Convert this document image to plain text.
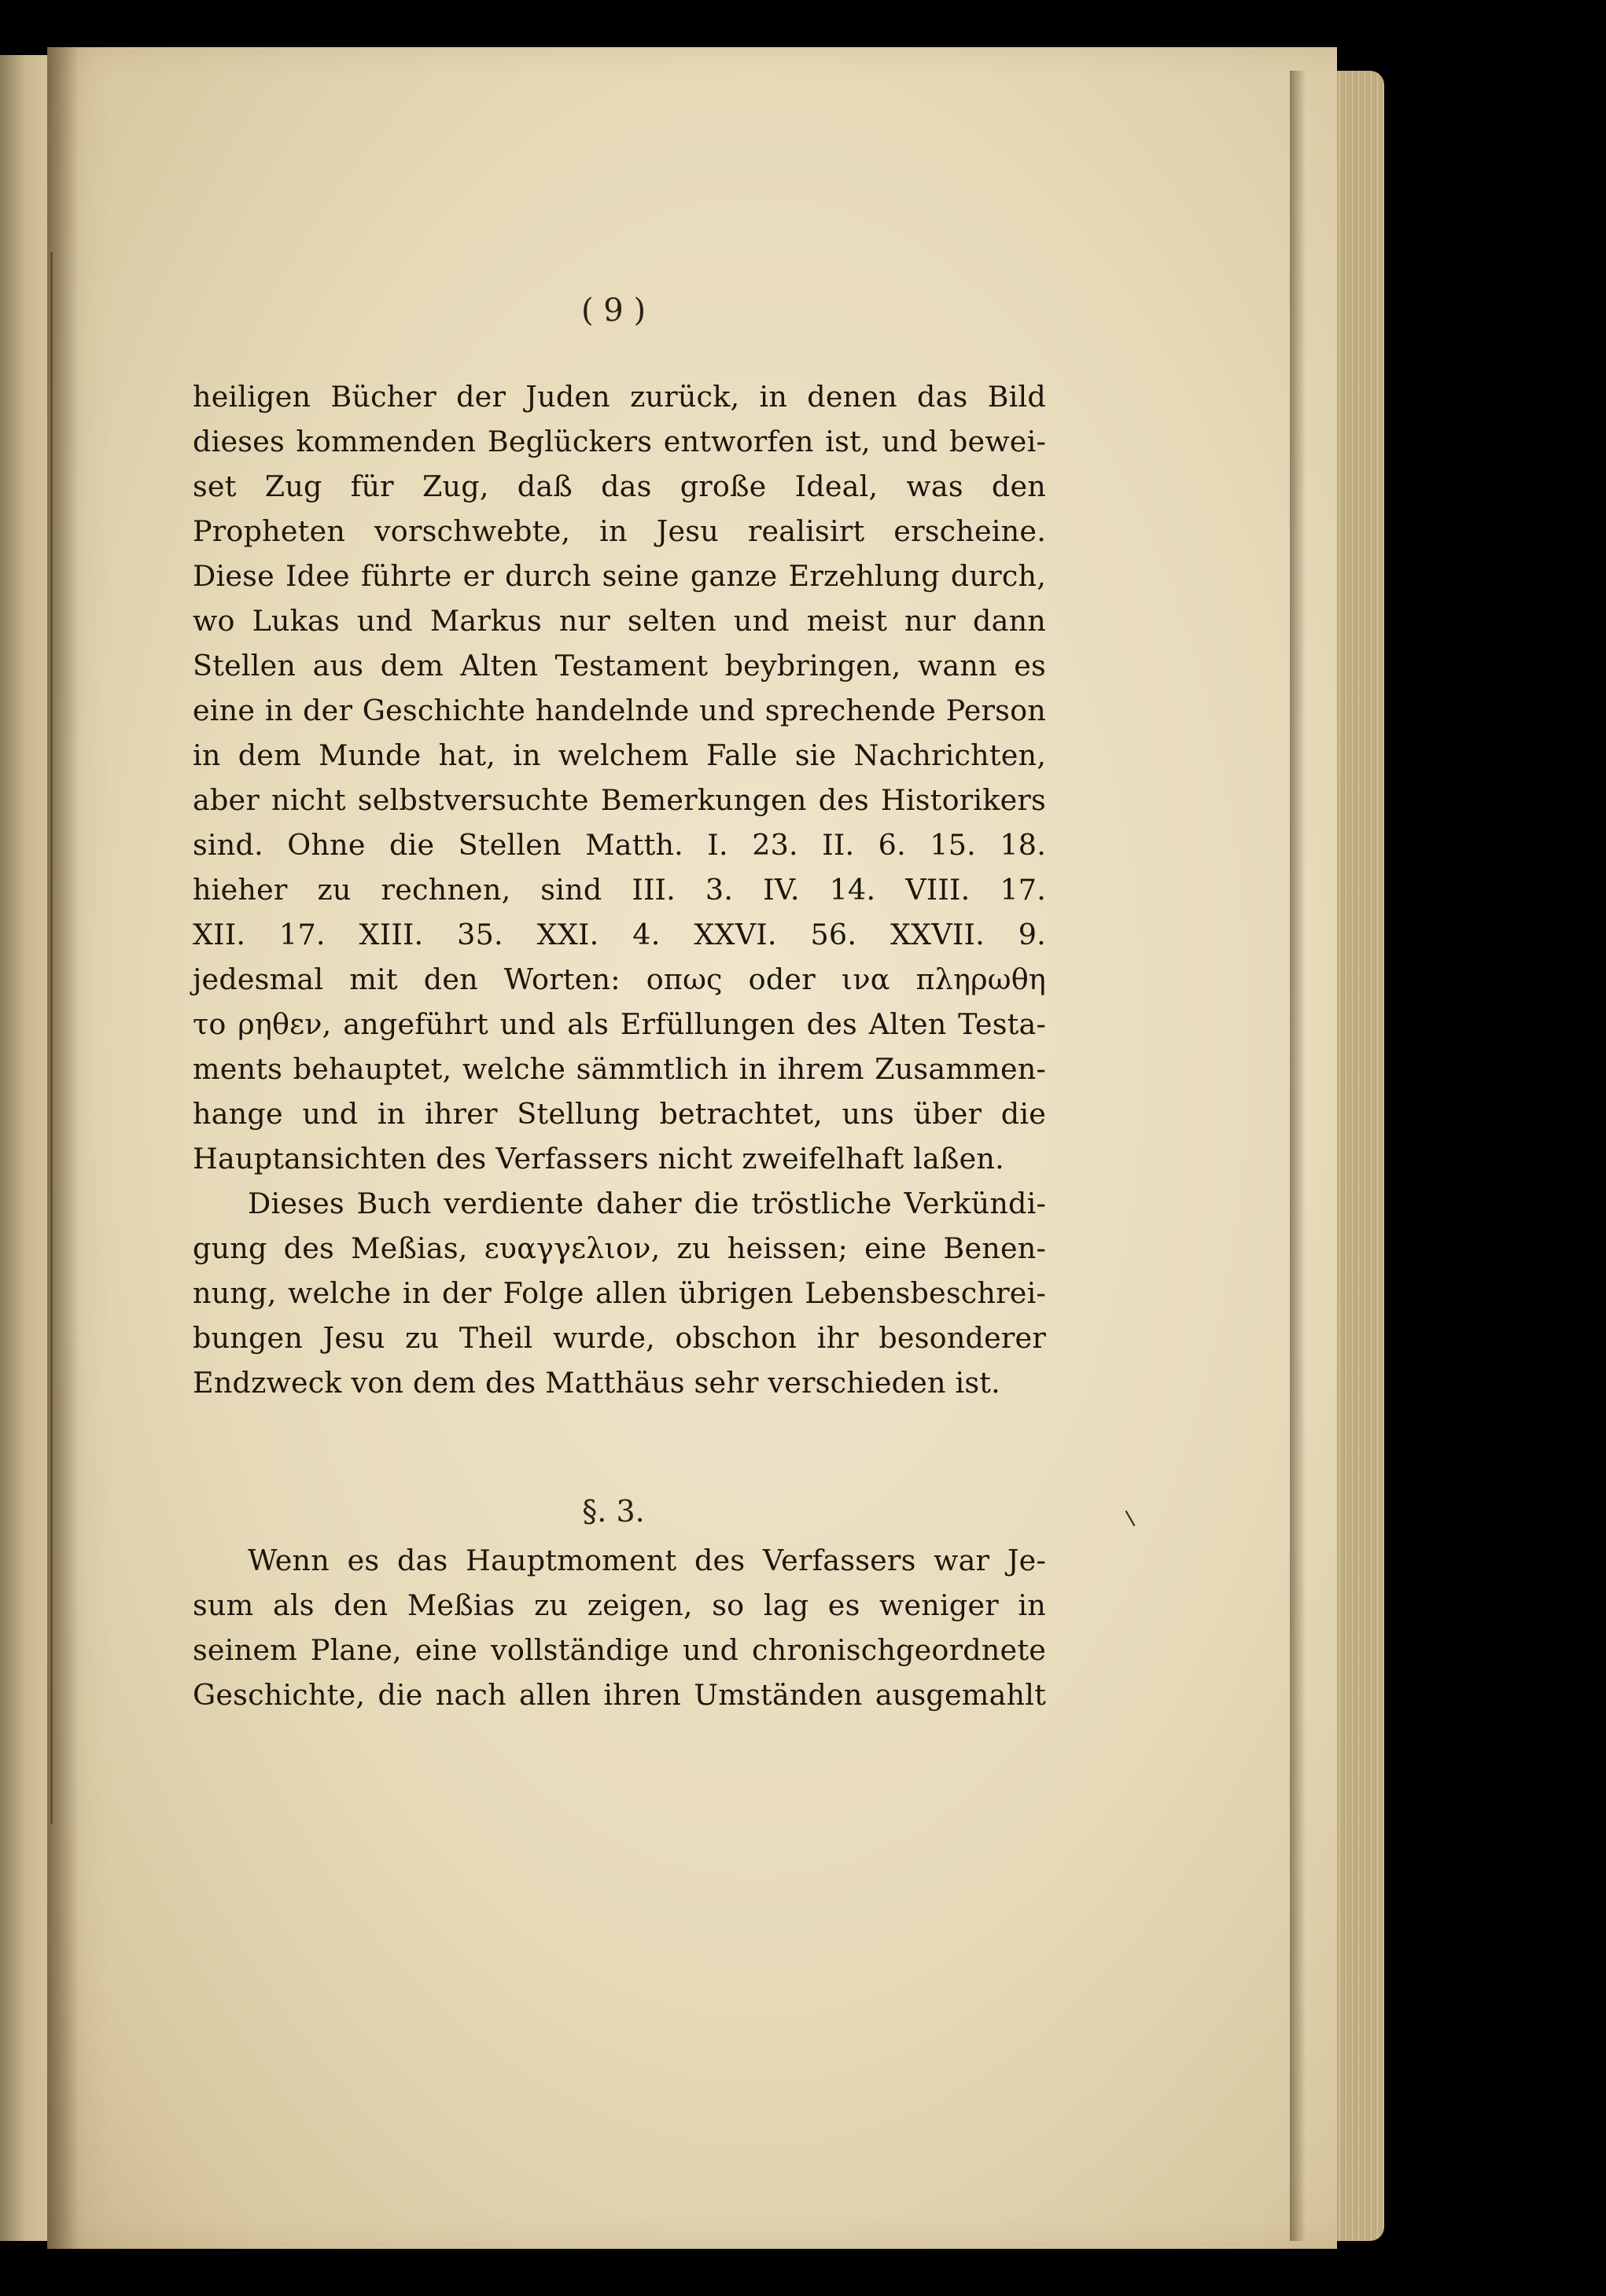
( 9 )
heiligen Bücher der Juden zurück, in denen das Bild
dieses kommenden Beglückers entworfen ist, und bewei-
set Zug für Zug, daß das große Ideal, was den
Propheten vorschwebte, in Jesu realisirt erscheine.
Diese Idee führte er durch seine ganze Erzehlung durch,
wo Lukas und Markus nur selten und meist nur dann
Stellen aus dem Alten Testament beybringen, wann es
eine in der Geschichte handelnde und sprechende Person
in dem Munde hat, in welchem Falle sie Nachrichten,
aber nicht selbstversuchte Bemerkungen des Historikers
sind. Ohne die Stellen Matth. I. 23. II. 6. 15. 18.
hieher zu rechnen, sind III. 3. IV. 14. VIII. 17.
XII. 17. XIII. 35. XXI. 4. XXVI. 56. XXVII. 9.
jedesmal mit den Worten: οπως oder ινα πληρωθη
το ρηθεν, angeführt und als Erfüllungen des Alten Testa-
ments behauptet, welche sämmtlich in ihrem Zusammen-
hange und in ihrer Stellung betrachtet, uns über die
Hauptansichten des Verfassers nicht zweifelhaft laßen.
Dieses Buch verdiente daher die tröstliche Verkündi-
gung des Meßias, ευαγγελιον, zu heissen; eine Benen-
nung, welche in der Folge allen übrigen Lebensbeschrei-
bungen Jesu zu Theil wurde, obschon ihr besonderer
Endzweck von dem des Matthäus sehr verschieden ist.
Wenn es das Hauptmoment des Verfassers war Je-
sum als den Meßias zu zeigen, so lag es weniger in
seinem Plane, eine vollständige und chronischgeordnete
Geschichte, die nach allen ihren Umständen ausgemahlt
§. 3.
